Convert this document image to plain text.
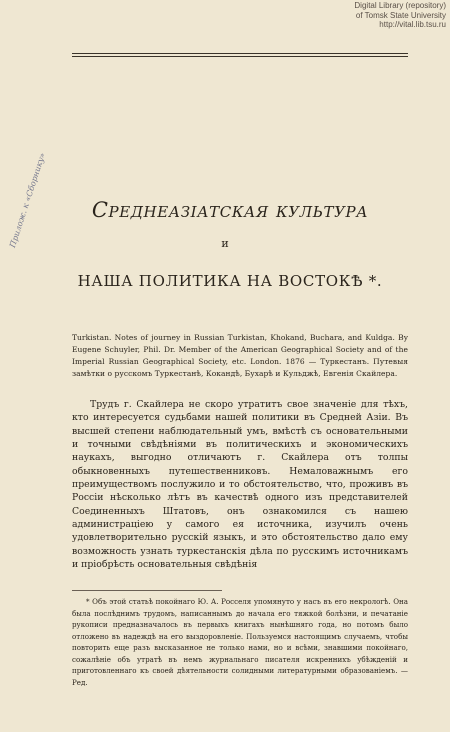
Digital Library (repository)
of Tomsk State University
http://vital.lib.tsu.ru
Прилож. к «Сборнику»	Среднеазіатская культура
и
НАША ПОЛИТИКА НА ВОСТОКѢ *.
Turkistan. Notes of journey in Russian Turkistan, Khokand, Buchara, and Kuldga. By Eugene Schuyler, Phil. Dr. Member of the American Geographical Society and of the Imperial Russian Geographical Society, etc. London. 1876 — Туркестанъ. Путевыя замѣтки о русскомъ Туркестанѣ, Кокандѣ, Бухарѣ и Кульджѣ, Евгенія Скайлера.

Трудъ г. Скайлера не скоро утратитъ свое значеніе для тѣхъ, кто интересуется судьбами нашей политики въ Средней Азіи. Въ высшей степени наблюдательный умъ, вмѣстѣ съ основательными и точными свѣдѣніями въ политическихъ и экономическихъ наукахъ, выгодно отличаютъ г. Скайлера отъ толпы обыкновенныхъ путешественниковъ. Немаловажнымъ его преимуществомъ послужило и то обстоятельство, что, проживъ въ Россіи нѣсколько лѣтъ въ качествѣ одного изъ представителей Соединенныхъ Штатовъ, онъ ознакомился съ нашею администраціею у самого ея источника, изучилъ очень удовлетворительно русскій языкъ, и это обстоятельство дало ему возможность узнать туркестанскія дѣла по русскимъ источникамъ и пріобрѣсть основательныя свѣдѣнія

* Объ этой статьѣ покойнаго Ю. А. Росселя упомянуто у насъ въ его некрологѣ. Она была послѣднимъ трудомъ, написаннымъ до начала его тяжкой болѣзни, и печатаніе рукописи предназначалось въ первыхъ книгахъ нынѣшняго года, но потомъ было отложено въ надеждѣ на его выздоровленіе. Пользуемся настоящимъ случаемъ, чтобы повторить еще разъ высказанное не только нами, но и всѣми, знавшими покойнаго, сожалѣніе объ утратѣ въ немъ журнальнаго писателя искреннихъ убѣжденій и приготовленнаго къ своей дѣятельности солидными литературными образованіемъ. — Ред.
